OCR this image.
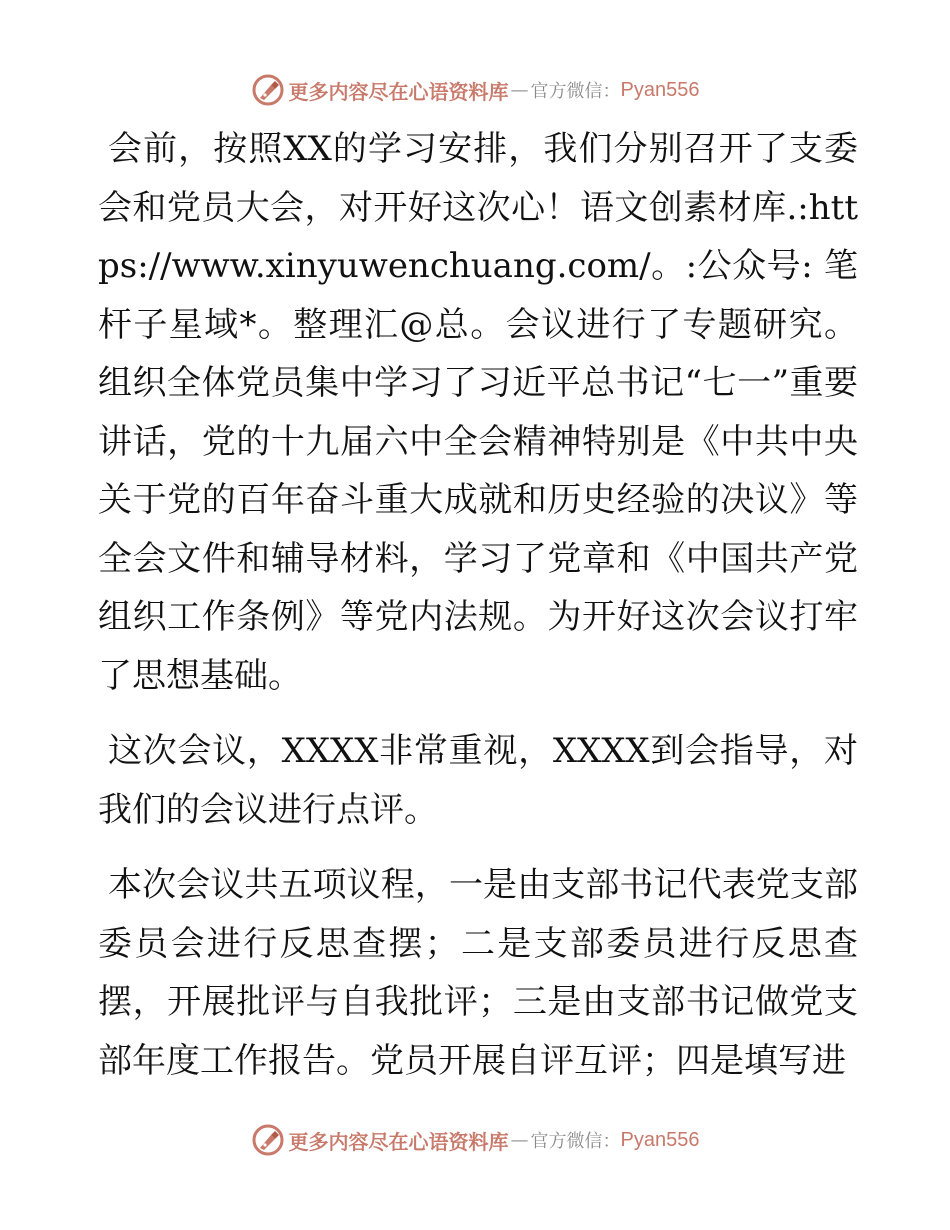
更多内容尽在心语资料库 — 官方微信： Pyan556

会前，按照XX的学习安排，我们分别召开了支委会和党员大会，对开好这次心！语文创素材库.:https://www.xinyuwenchuang.com/。:公众号: 笔杆子星域*。整理汇@总。会议进行了专题研究。组织全体党员集中学习了习近平总书记“七一”重要讲话，党的十九届六中全会精神特别是《中共中央关于党的百年奋斗重大成就和历史经验的决议》等全会文件和辅导材料，学习了党章和《中国共产党组织工作条例》等党内法规。为开好这次会议打牢了思想基础。

这次会议，XXXX非常重视，XXXX到会指导，对我们的会议进行点评。

本次会议共五项议程，一是由支部书记代表党支部委员会进行反思查摆；二是支部委员进行反思查摆，开展批评与自我批评；三是由支部书记做党支部年度工作报告。党员开展自评互评；四是填写进

更多内容尽在心语资料库 — 官方微信： Pyan556
